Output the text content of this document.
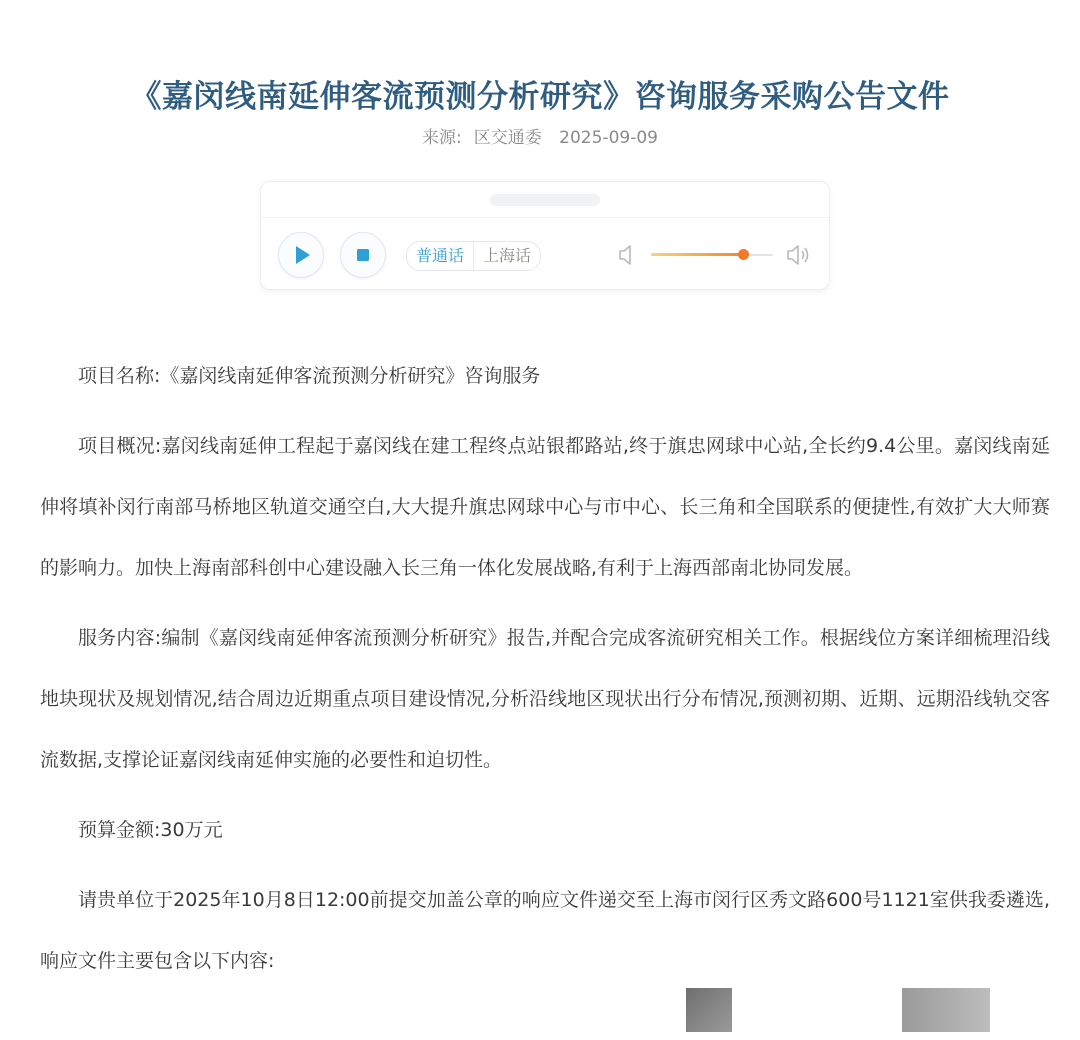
《嘉闵线南延伸客流预测分析研究》咨询服务采购公告文件
来源: 区交通委 2025-09-09
普通话	上海话

项目名称:《嘉闵线南延伸客流预测分析研究》咨询服务

项目概况:嘉闵线南延伸工程起于嘉闵线在建工程终点站银都路站,终于旗忠网球中心站,全长约9.4公里。嘉闵线南延伸将填补闵行南部马桥地区轨道交通空白,大大提升旗忠网球中心与市中心、长三角和全国联系的便捷性,有效扩大大师赛的影响力。加快上海南部科创中心建设融入长三角一体化发展战略,有利于上海西部南北协同发展。

服务内容:编制《嘉闵线南延伸客流预测分析研究》报告,并配合完成客流研究相关工作。根据线位方案详细梳理沿线地块现状及规划情况,结合周边近期重点项目建设情况,分析沿线地区现状出行分布情况,预测初期、近期、远期沿线轨交客流数据,支撑论证嘉闵线南延伸实施的必要性和迫切性。

预算金额:30万元

请贵单位于2025年10月8日12:00前提交加盖公章的响应文件递交至上海市闵行区秀文路600号1121室供我委遴选,响应文件主要包含以下内容:
